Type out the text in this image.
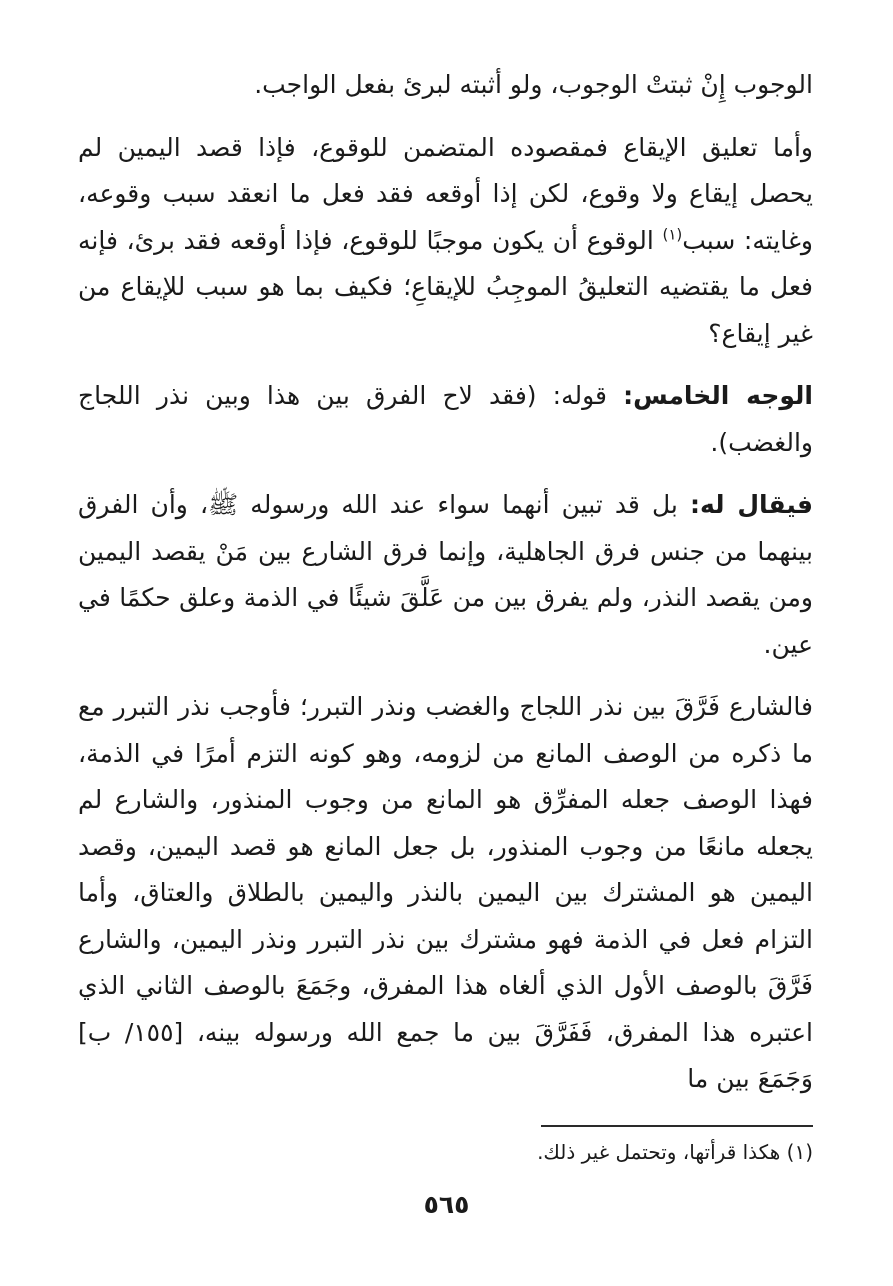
الوجوب إِنْ ثبتتْ الوجوب، ولو أثبته لبرئ بفعل الواجب.

وأما تعليق الإيقاع فمقصوده المتضمن للوقوع، فإذا قصد اليمين لم يحصل إيقاع ولا وقوع، لكن إذا أوقعه فقد فعل ما انعقد سبب وقوعه، وغايته: سبب$^{(١)}$ الوقوع أن يكون موجبًا للوقوع، فإذا أوقعه فقد برئ، فإنه فعل ما يقتضيه التعليقُ الموجِبُ للإيقاعِ؛ فكيف بما هو سبب للإيقاع من غير إيقاع؟

الوجه الخامس: قوله: (فقد لاح الفرق بين هذا وبين نذر اللجاج والغضب).

فيقال له: بل قد تبين أنهما سواء عند الله ورسوله ﷺ، وأن الفرق بينهما من جنس فرق الجاهلية، وإنما فرق الشارع بين مَنْ يقصد اليمين ومن يقصد النذر، ولم يفرق بين من عَلَّقَ شيئًا في الذمة وعلق حكمًا في عين.

فالشارع فَرَّقَ بين نذر اللجاج والغضب ونذر التبرر؛ فأوجب نذر التبرر مع ما ذكره من الوصف المانع من لزومه، وهو كونه التزم أمرًا في الذمة، فهذا الوصف جعله المفرِّق هو المانع من وجوب المنذور، والشارع لم يجعله مانعًا من وجوب المنذور، بل جعل المانع هو قصد اليمين، وقصد اليمين هو المشترك بين اليمين بالنذر واليمين بالطلاق والعتاق، وأما التزام فعل في الذمة فهو مشترك بين نذر التبرر ونذر اليمين، والشارع فَرَّقَ بالوصف الأول الذي ألغاه هذا المفرق، وجَمَعَ بالوصف الثاني الذي اعتبره هذا المفرق، فَفَرَّقَ بين ما جمع الله ورسوله بينه، [١٥٥/ ب] وَجَمَعَ بين ما

(١) هكذا قرأتها، وتحتمل غير ذلك.
٥٦٥
